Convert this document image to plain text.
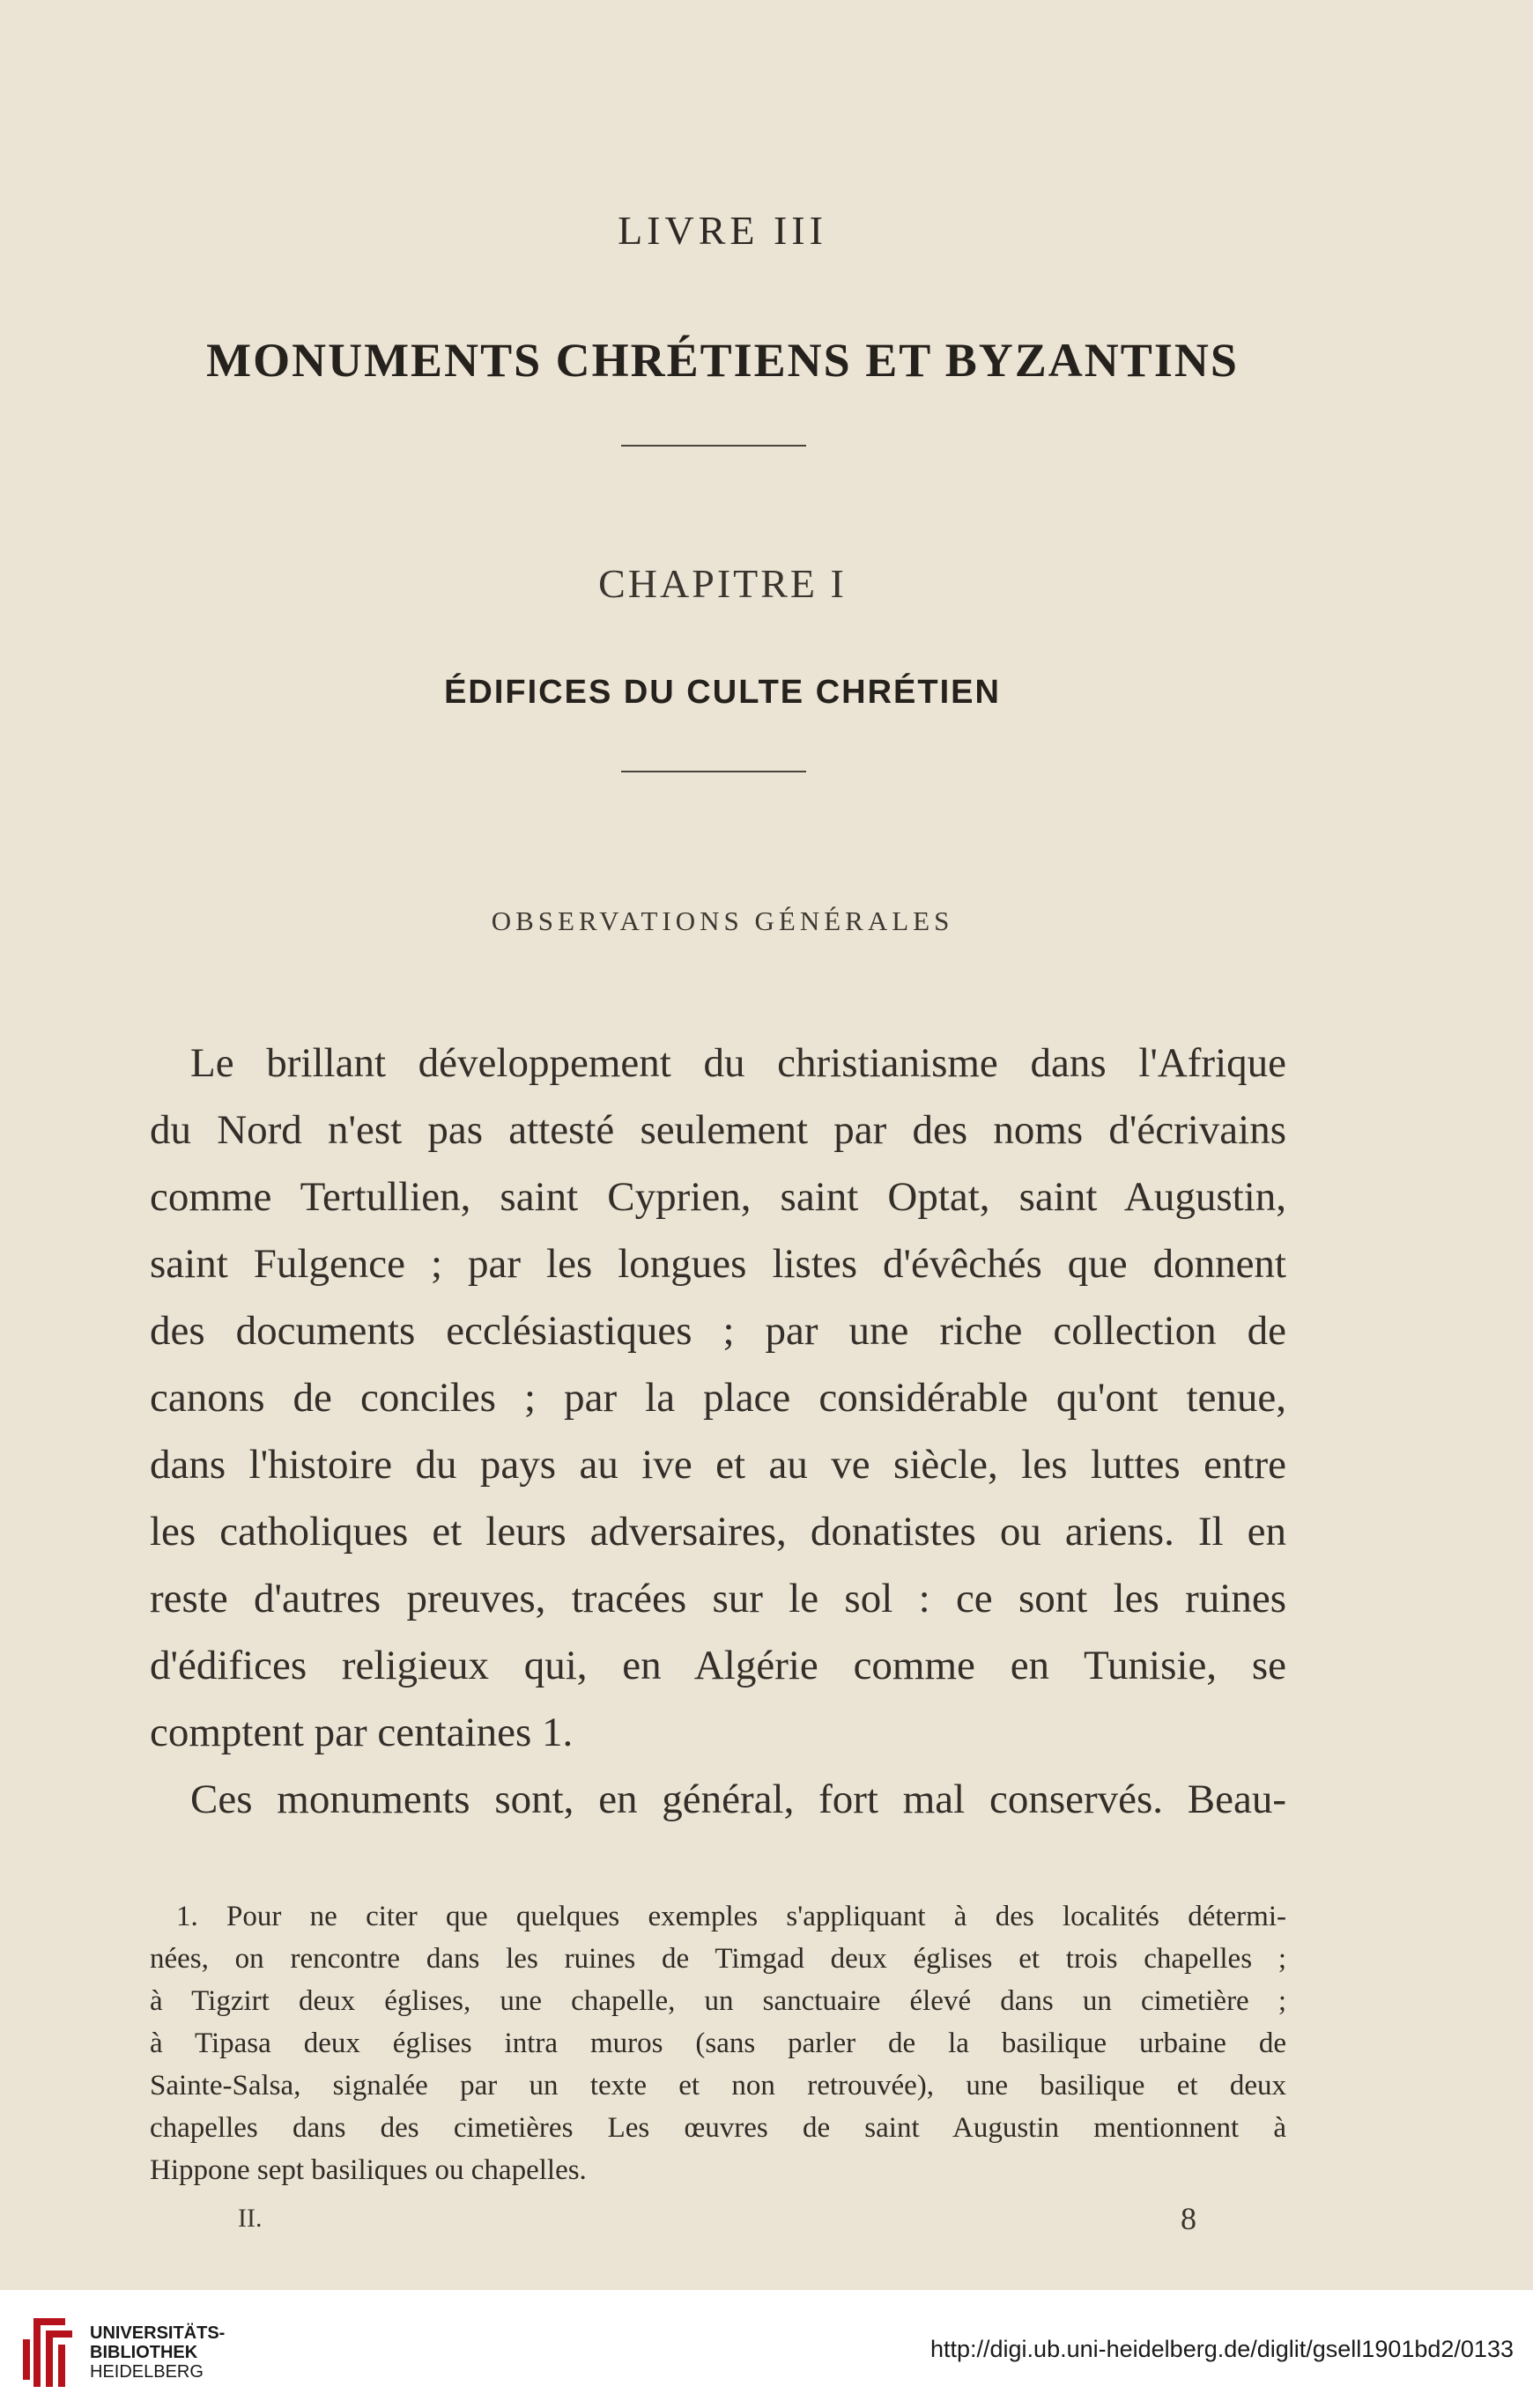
LIVRE III
MONUMENTS CHRÉTIENS ET BYZANTINS
CHAPITRE I
ÉDIFICES DU CULTE CHRÉTIEN
OBSERVATIONS GÉNÉRALES
Le brillant développement du christianisme dans l'Afrique
du Nord n'est pas attesté seulement par des noms d'écrivains
comme Tertullien, saint Cyprien, saint Optat, saint Augustin,
saint Fulgence ; par les longues listes d'évêchés que donnent
des documents ecclésiastiques ; par une riche collection de
canons de conciles ; par la place considérable qu'ont tenue,
dans l'histoire du pays au ive et au ve siècle, les luttes entre
les catholiques et leurs adversaires, donatistes ou ariens. Il en
reste d'autres preuves, tracées sur le sol : ce sont les ruines
d'édifices religieux qui, en Algérie comme en Tunisie, se
comptent par centaines 1.
Ces monuments sont, en général, fort mal conservés. Beau-
1. Pour ne citer que quelques exemples s'appliquant à des localités détermi-
nées, on rencontre dans les ruines de Timgad deux églises et trois chapelles ;
à Tigzirt deux églises, une chapelle, un sanctuaire élevé dans un cimetière ;
à Tipasa deux églises intra muros (sans parler de la basilique urbaine de
Sainte-Salsa, signalée par un texte et non retrouvée), une basilique et deux
chapelles dans des cimetières Les œuvres de saint Augustin mentionnent à
Hippone sept basiliques ou chapelles.
II.	8
UNIVERSITÄTS-
BIBLIOTHEK
HEIDELBERG
http://digi.ub.uni-heidelberg.de/diglit/gsell1901bd2/0133
